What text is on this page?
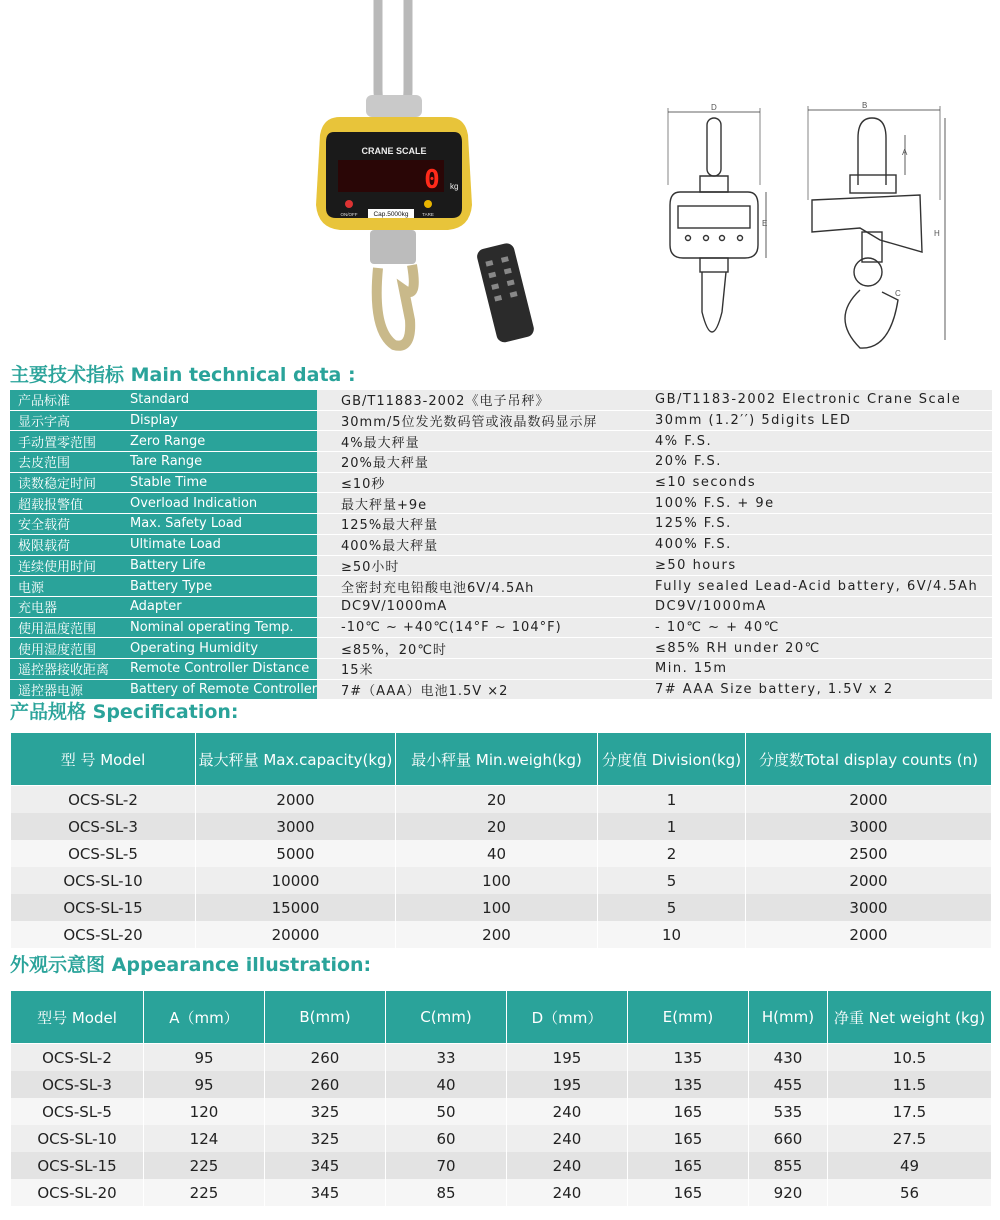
CRANE SCALE
0 kg
Cap.5000kg
ON/OFF	TARE
D
E
B
A
H
C
主要技术指标 Main technical data :
产品标准	Standard	GB/T11883-2002《电子吊秤》	GB/T1183-2002 Electronic Crane Scale
显示字高	Display	30mm/5位发光数码管或液晶数码显示屏	30mm (1.2′′) 5digits LED
手动置零范围	Zero Range	4%最大秤量	4% F.S.
去皮范围	Tare Range	20%最大秤量	20% F.S.
读数稳定时间	Stable Time	≤10秒	≤10 seconds
超载报警值	Overload Indication	最大秤量+9e	100% F.S. + 9e
安全载荷	Max. Safety Load	125%最大秤量	125% F.S.
极限载荷	Ultimate Load	400%最大秤量	400% F.S.
连续使用时间	Battery Life	≥50小时	≥50 hours
电源	Battery Type	全密封充电铅酸电池6V/4.5Ah	Fully sealed Lead-Acid battery, 6V/4.5Ah
充电器	Adapter	DC9V/1000mA	DC9V/1000mA
使用温度范围	Nominal operating Temp.	-10℃ ~ +40℃(14°F ~ 104°F)	- 10℃ ~ + 40℃
使用湿度范围	Operating Humidity	≤85%，20℃时	≤85% RH under 20℃
遥控器接收距离	Remote Controller Distance	15米	Min. 15m
遥控器电源	Battery of Remote Controller	7#（AAA）电池1.5V ×2	7# AAA Size battery, 1.5V x 2
产品规格 Specification:
型 号 Model	最大秤量 Max.capacity(kg)	最小秤量 Min.weigh(kg)	分度值 Division(kg)	分度数Total display counts (n)
OCS-SL-2	2000	20	1	2000
OCS-SL-3	3000	20	1	3000
OCS-SL-5	5000	40	2	2500
OCS-SL-10	10000	100	5	2000
OCS-SL-15	15000	100	5	3000
OCS-SL-20	20000	200	10	2000
外观示意图 Appearance illustration:
型号 Model	A（mm）	B(mm)	C(mm)	D（mm）	E(mm)	H(mm)	净重 Net weight (kg)
OCS-SL-2	95	260	33	195	135	430	10.5
OCS-SL-3	95	260	40	195	135	455	11.5
OCS-SL-5	120	325	50	240	165	535	17.5
OCS-SL-10	124	325	60	240	165	660	27.5
OCS-SL-15	225	345	70	240	165	855	49
OCS-SL-20	225	345	85	240	165	920	56
